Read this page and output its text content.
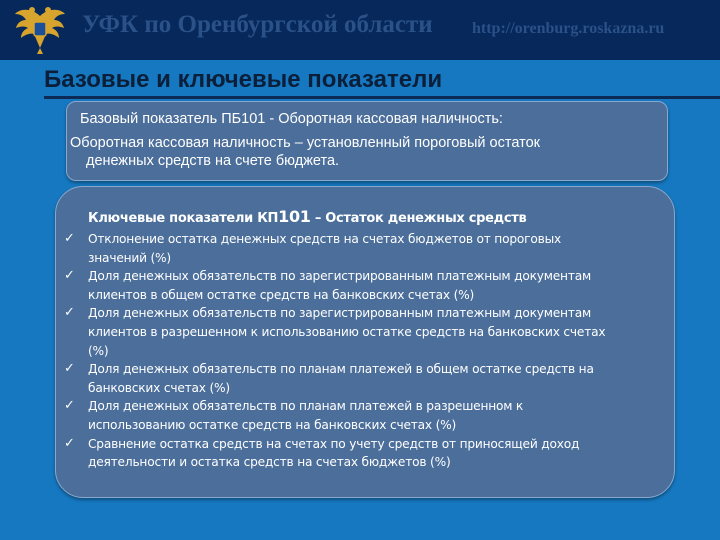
УФК по Оренбургской области http://orenburg.roskazna.ru
Базовые и ключевые показатели
Базовый показатель ПБ101 - Оборотная кассовая наличность:
Оборотная кассовая наличность – установленный пороговый остаток
денежных средств на счете бюджета.
Ключевые показатели КП101 – Остаток денежных средств
✓ Отклонение остатка денежных средств на счетах бюджетов от пороговых значений (%)
✓ Доля денежных обязательств по зарегистрированным платежным документам клиентов в общем остатке средств на банковских счетах (%)
✓ Доля денежных обязательств по зарегистрированным платежным документам клиентов в разрешенном к использованию остатке средств на банковских счетах (%)
✓ Доля денежных обязательств по планам платежей в общем остатке средств на банковских счетах (%)
✓ Доля денежных обязательств по планам платежей в разрешенном к использованию остатке средств на банковских счетах (%)
✓ Сравнение остатка средств на счетах по учету средств от приносящей доход деятельности и остатка средств на счетах бюджетов (%)
